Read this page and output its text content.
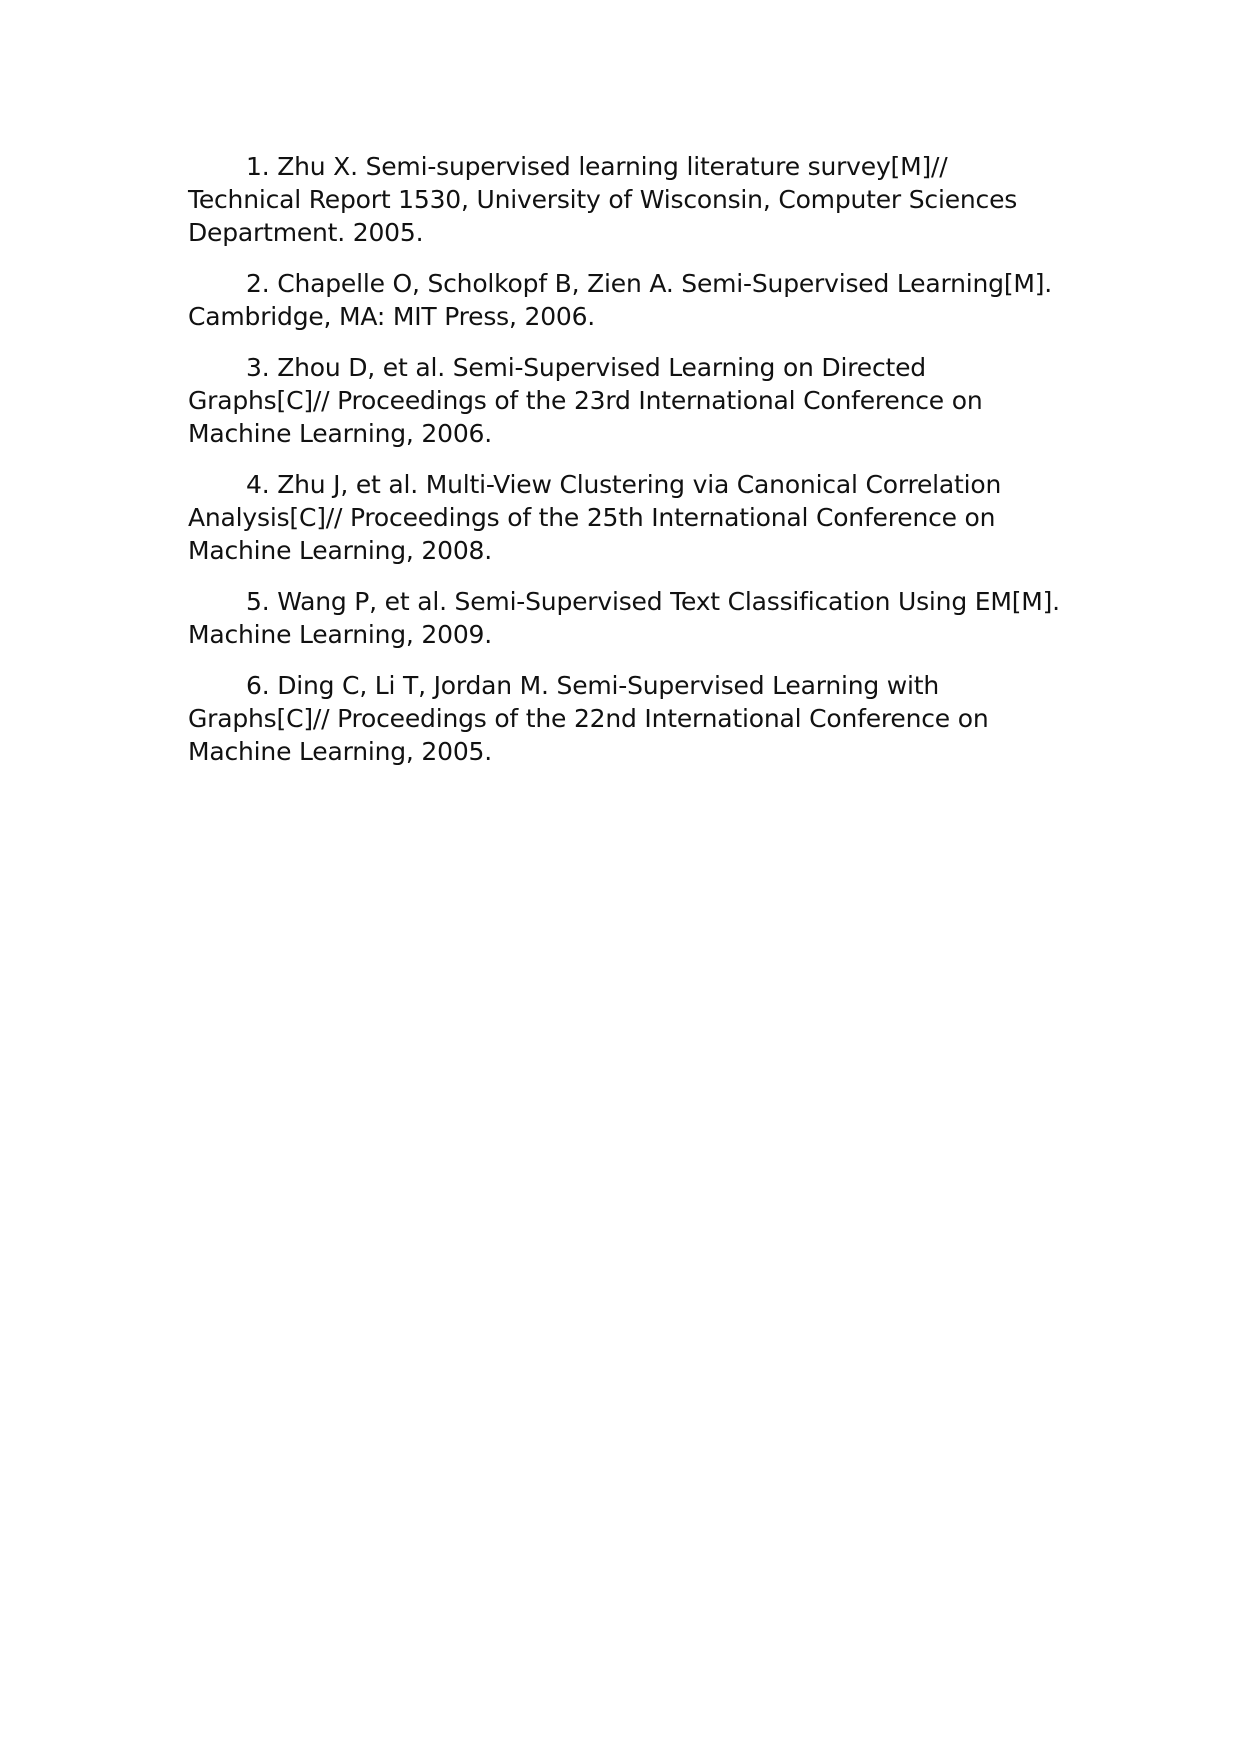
1. Zhu X. Semi-supervised learning literature survey[M]// Technical Report 1530, University of Wisconsin, Computer Sciences Department. 2005.

2. Chapelle O, Scholkopf B, Zien A. Semi-Supervised Learning[M]. Cambridge, MA: MIT Press, 2006.

3. Zhou D, et al. Semi-Supervised Learning on Directed Graphs[C]// Proceedings of the 23rd International Conference on Machine Learning, 2006.

4. Zhu J, et al. Multi-View Clustering via Canonical Correlation Analysis[C]// Proceedings of the 25th International Conference on Machine Learning, 2008.

5. Wang P, et al. Semi-Supervised Text Classification Using EM[M]. Machine Learning, 2009.

6. Ding C, Li T, Jordan M. Semi-Supervised Learning with Graphs[C]// Proceedings of the 22nd International Conference on Machine Learning, 2005.
